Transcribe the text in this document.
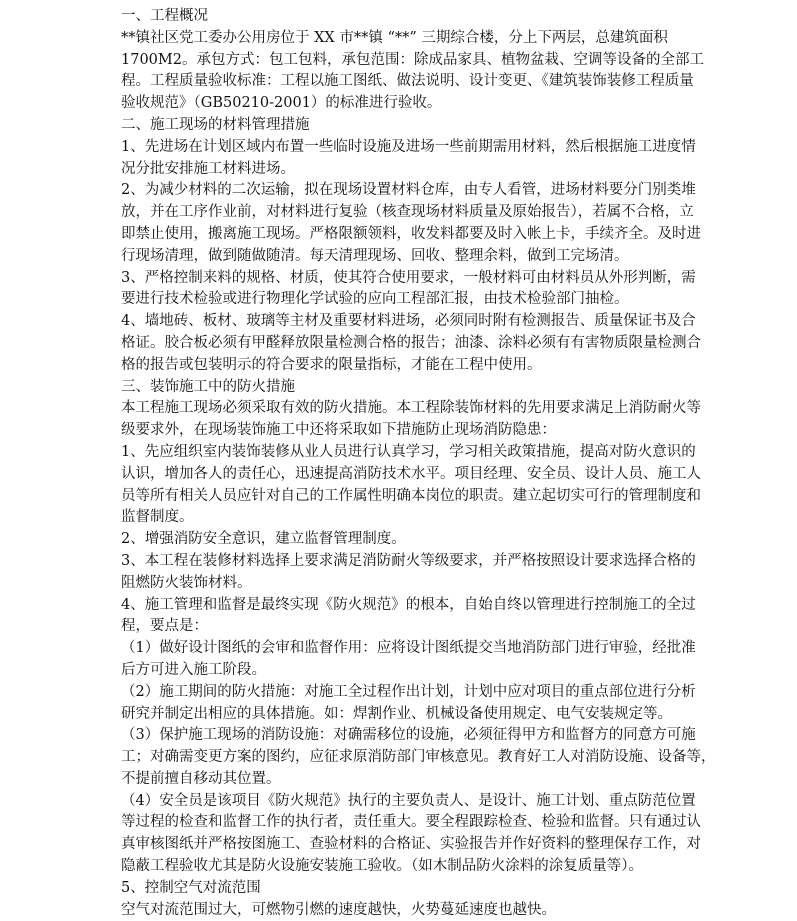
一、工程概况
**镇社区党工委办公用房位于 XX 市**镇 “**” 三期综合楼，分上下两层，总建筑面积
1700M2。承包方式：包工包料，承包范围：除成品家具、植物盆栽、空调等设备的全部工
程。工程质量验收标准：工程以施工图纸、做法说明、设计变更、《建筑装饰装修工程质量
验收规范》（GB50210-2001）的标准进行验收。
二、施工现场的材料管理措施
1、先进场在计划区域内布置一些临时设施及进场一些前期需用材料，然后根据施工进度情
况分批安排施工材料进场。
2、为减少材料的二次运输，拟在现场设置材料仓库，由专人看管，进场材料要分门别类堆
放，并在工序作业前，对材料进行复验（核查现场材料质量及原始报告），若属不合格，立
即禁止使用，搬离施工现场。严格限额领料，收发料都要及时入帐上卡，手续齐全。及时进
行现场清理，做到随做随清。每天清理现场、回收、整理余料，做到工完场清。
3、严格控制来料的规格、材质，使其符合使用要求，一般材料可由材料员从外形判断，需
要进行技术检验或进行物理化学试验的应向工程部汇报，由技术检验部门抽检。
4、墙地砖、板材、玻璃等主材及重要材料进场，必须同时附有检测报告、质量保证书及合
格证。胶合板必须有甲醛释放限量检测合格的报告；油漆、涂料必须有有害物质限量检测合
格的报告或包装明示的符合要求的限量指标，才能在工程中使用。
三、装饰施工中的防火措施
本工程施工现场必须采取有效的防火措施。本工程除装饰材料的先用要求满足上消防耐火等
级要求外，在现场装饰施工中还将采取如下措施防止现场消防隐患：
1、先应组织室内装饰装修从业人员进行认真学习，学习相关政策措施，提高对防火意识的
认识，增加各人的责任心，迅速提高消防技术水平。项目经理、安全员、设计人员、施工人
员等所有相关人员应针对自己的工作属性明确本岗位的职责。建立起切实可行的管理制度和
监督制度。
2、增强消防安全意识，建立监督管理制度。
3、本工程在装修材料选择上要求满足消防耐火等级要求，并严格按照设计要求选择合格的
阻燃防火装饰材料。
4、施工管理和监督是最终实现《防火规范》的根本，自始自终以管理进行控制施工的全过
程，要点是：
（1）做好设计图纸的会审和监督作用：应将设计图纸提交当地消防部门进行审验，经批准
后方可进入施工阶段。
（2）施工期间的防火措施：对施工全过程作出计划，计划中应对项目的重点部位进行分析
研究并制定出相应的具体措施。如：焊割作业、机械设备使用规定、电气安装规定等。
（3）保护施工现场的消防设施：对确需移位的设施，必须征得甲方和监督方的同意方可施
工；对确需变更方案的图约，应征求原消防部门审核意见。教育好工人对消防设施、设备等，
不提前擅自移动其位置。
（4）安全员是该项目《防火规范》执行的主要负责人、是设计、施工计划、重点防范位置
等过程的检查和监督工作的执行者，责任重大。要全程跟踪检查、检验和监督。只有通过认
真审核图纸并严格按图施工、查验材料的合格证、实验报告并作好资料的整理保存工作，对
隐蔽工程验收尤其是防火设施安装施工验收。（如木制品防火涂料的涂复质量等）。
5、控制空气对流范围
空气对流范围过大，可燃物引燃的速度越快，火势蔓延速度也越快。
